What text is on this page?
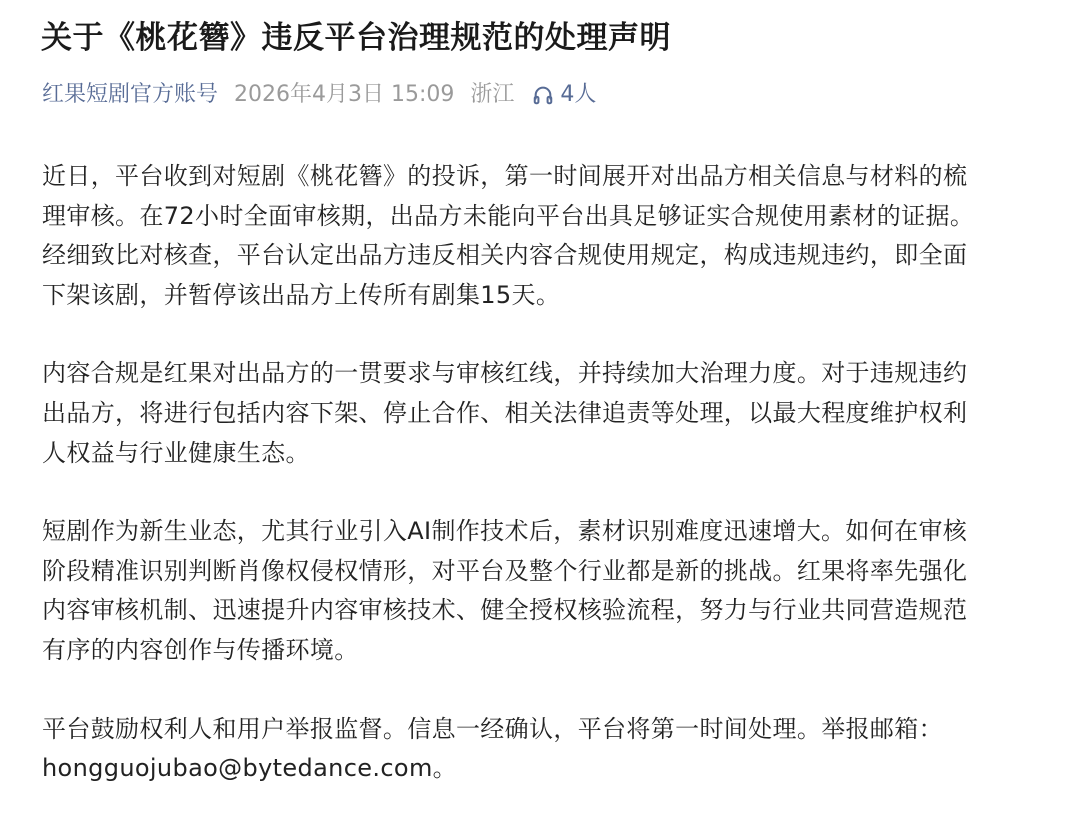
关于《桃花簪》违反平台治理规范的处理声明
红果短剧官方账号 2026年4月3日 15:09 浙江 4人

近日，平台收到对短剧《桃花簪》的投诉，第一时间展开对出品方相关信息与材料的梳
理审核。在72小时全面审核期，出品方未能向平台出具足够证实合规使用素材的证据。
经细致比对核查，平台认定出品方违反相关内容合规使用规定，构成违规违约，即全面
下架该剧，并暂停该出品方上传所有剧集15天。

内容合规是红果对出品方的一贯要求与审核红线，并持续加大治理力度。对于违规违约
出品方，将进行包括内容下架、停止合作、相关法律追责等处理，以最大程度维护权利
人权益与行业健康生态。

短剧作为新生业态，尤其行业引入AI制作技术后，素材识别难度迅速增大。如何在审核
阶段精准识别判断肖像权侵权情形，对平台及整个行业都是新的挑战。红果将率先强化
内容审核机制、迅速提升内容审核技术、健全授权核验流程，努力与行业共同营造规范
有序的内容创作与传播环境。

平台鼓励权利人和用户举报监督。信息一经确认，平台将第一时间处理。举报邮箱：
hongguojubao@bytedance.com。
